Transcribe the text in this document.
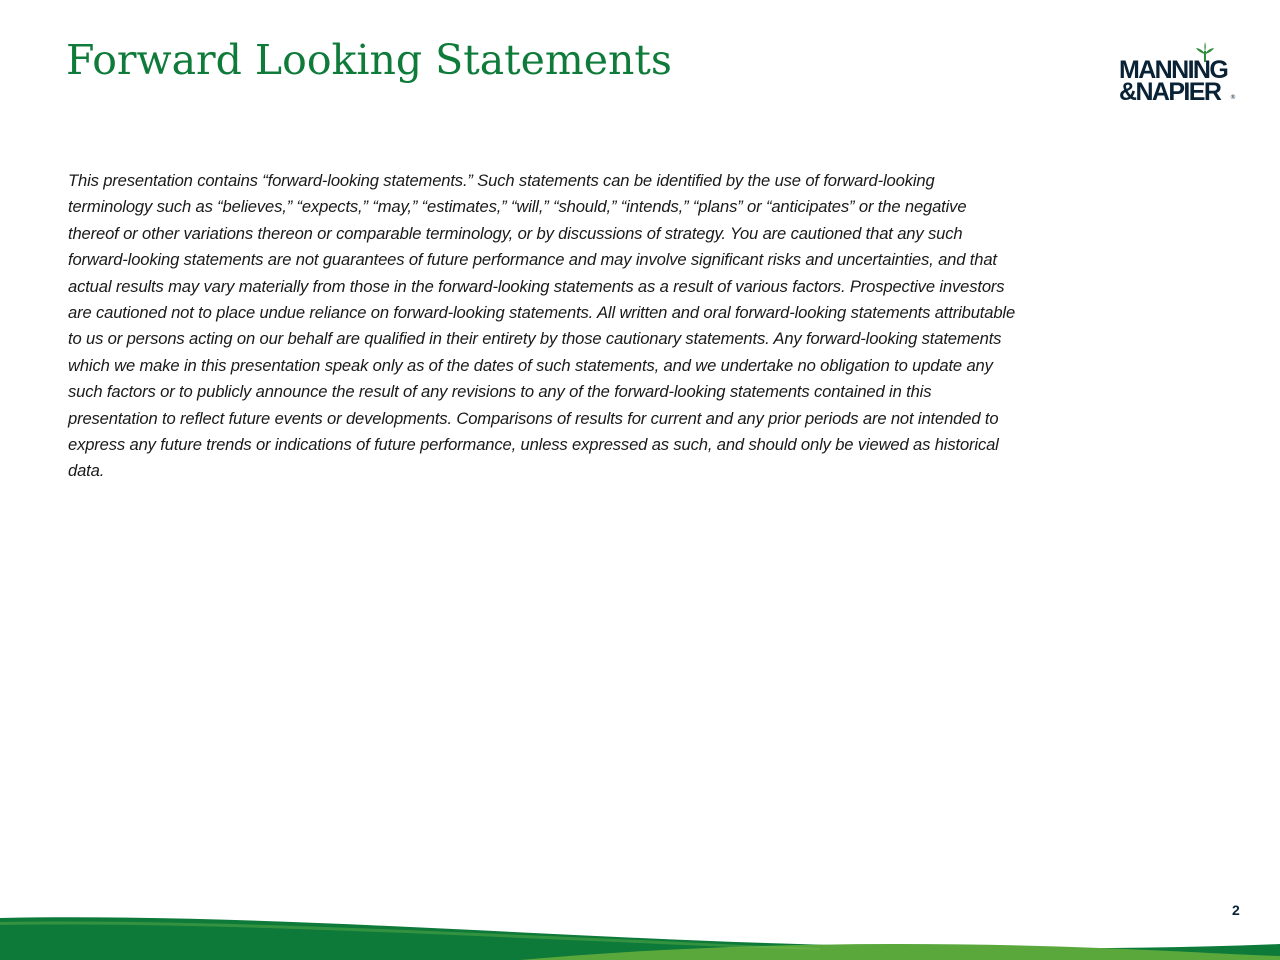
Forward Looking Statements	MANNING
&NAPIER ®
This presentation contains “forward-looking statements.” Such statements can be identified by the use of forward-looking
terminology such as “believes,” “expects,” “may,” “estimates,” “will,” “should,” “intends,” “plans” or “anticipates” or the negative
thereof or other variations thereon or comparable terminology, or by discussions of strategy. You are cautioned that any such
forward-looking statements are not guarantees of future performance and may involve significant risks and uncertainties, and that
actual results may vary materially from those in the forward-looking statements as a result of various factors. Prospective investors
are cautioned not to place undue reliance on forward-looking statements. All written and oral forward-looking statements attributable
to us or persons acting on our behalf are qualified in their entirety by those cautionary statements. Any forward-looking statements
which we make in this presentation speak only as of the dates of such statements, and we undertake no obligation to update any
such factors or to publicly announce the result of any revisions to any of the forward-looking statements contained in this
presentation to reflect future events or developments. Comparisons of results for current and any prior periods are not intended to
express any future trends or indications of future performance, unless expressed as such, and should only be viewed as historical
data.
2
